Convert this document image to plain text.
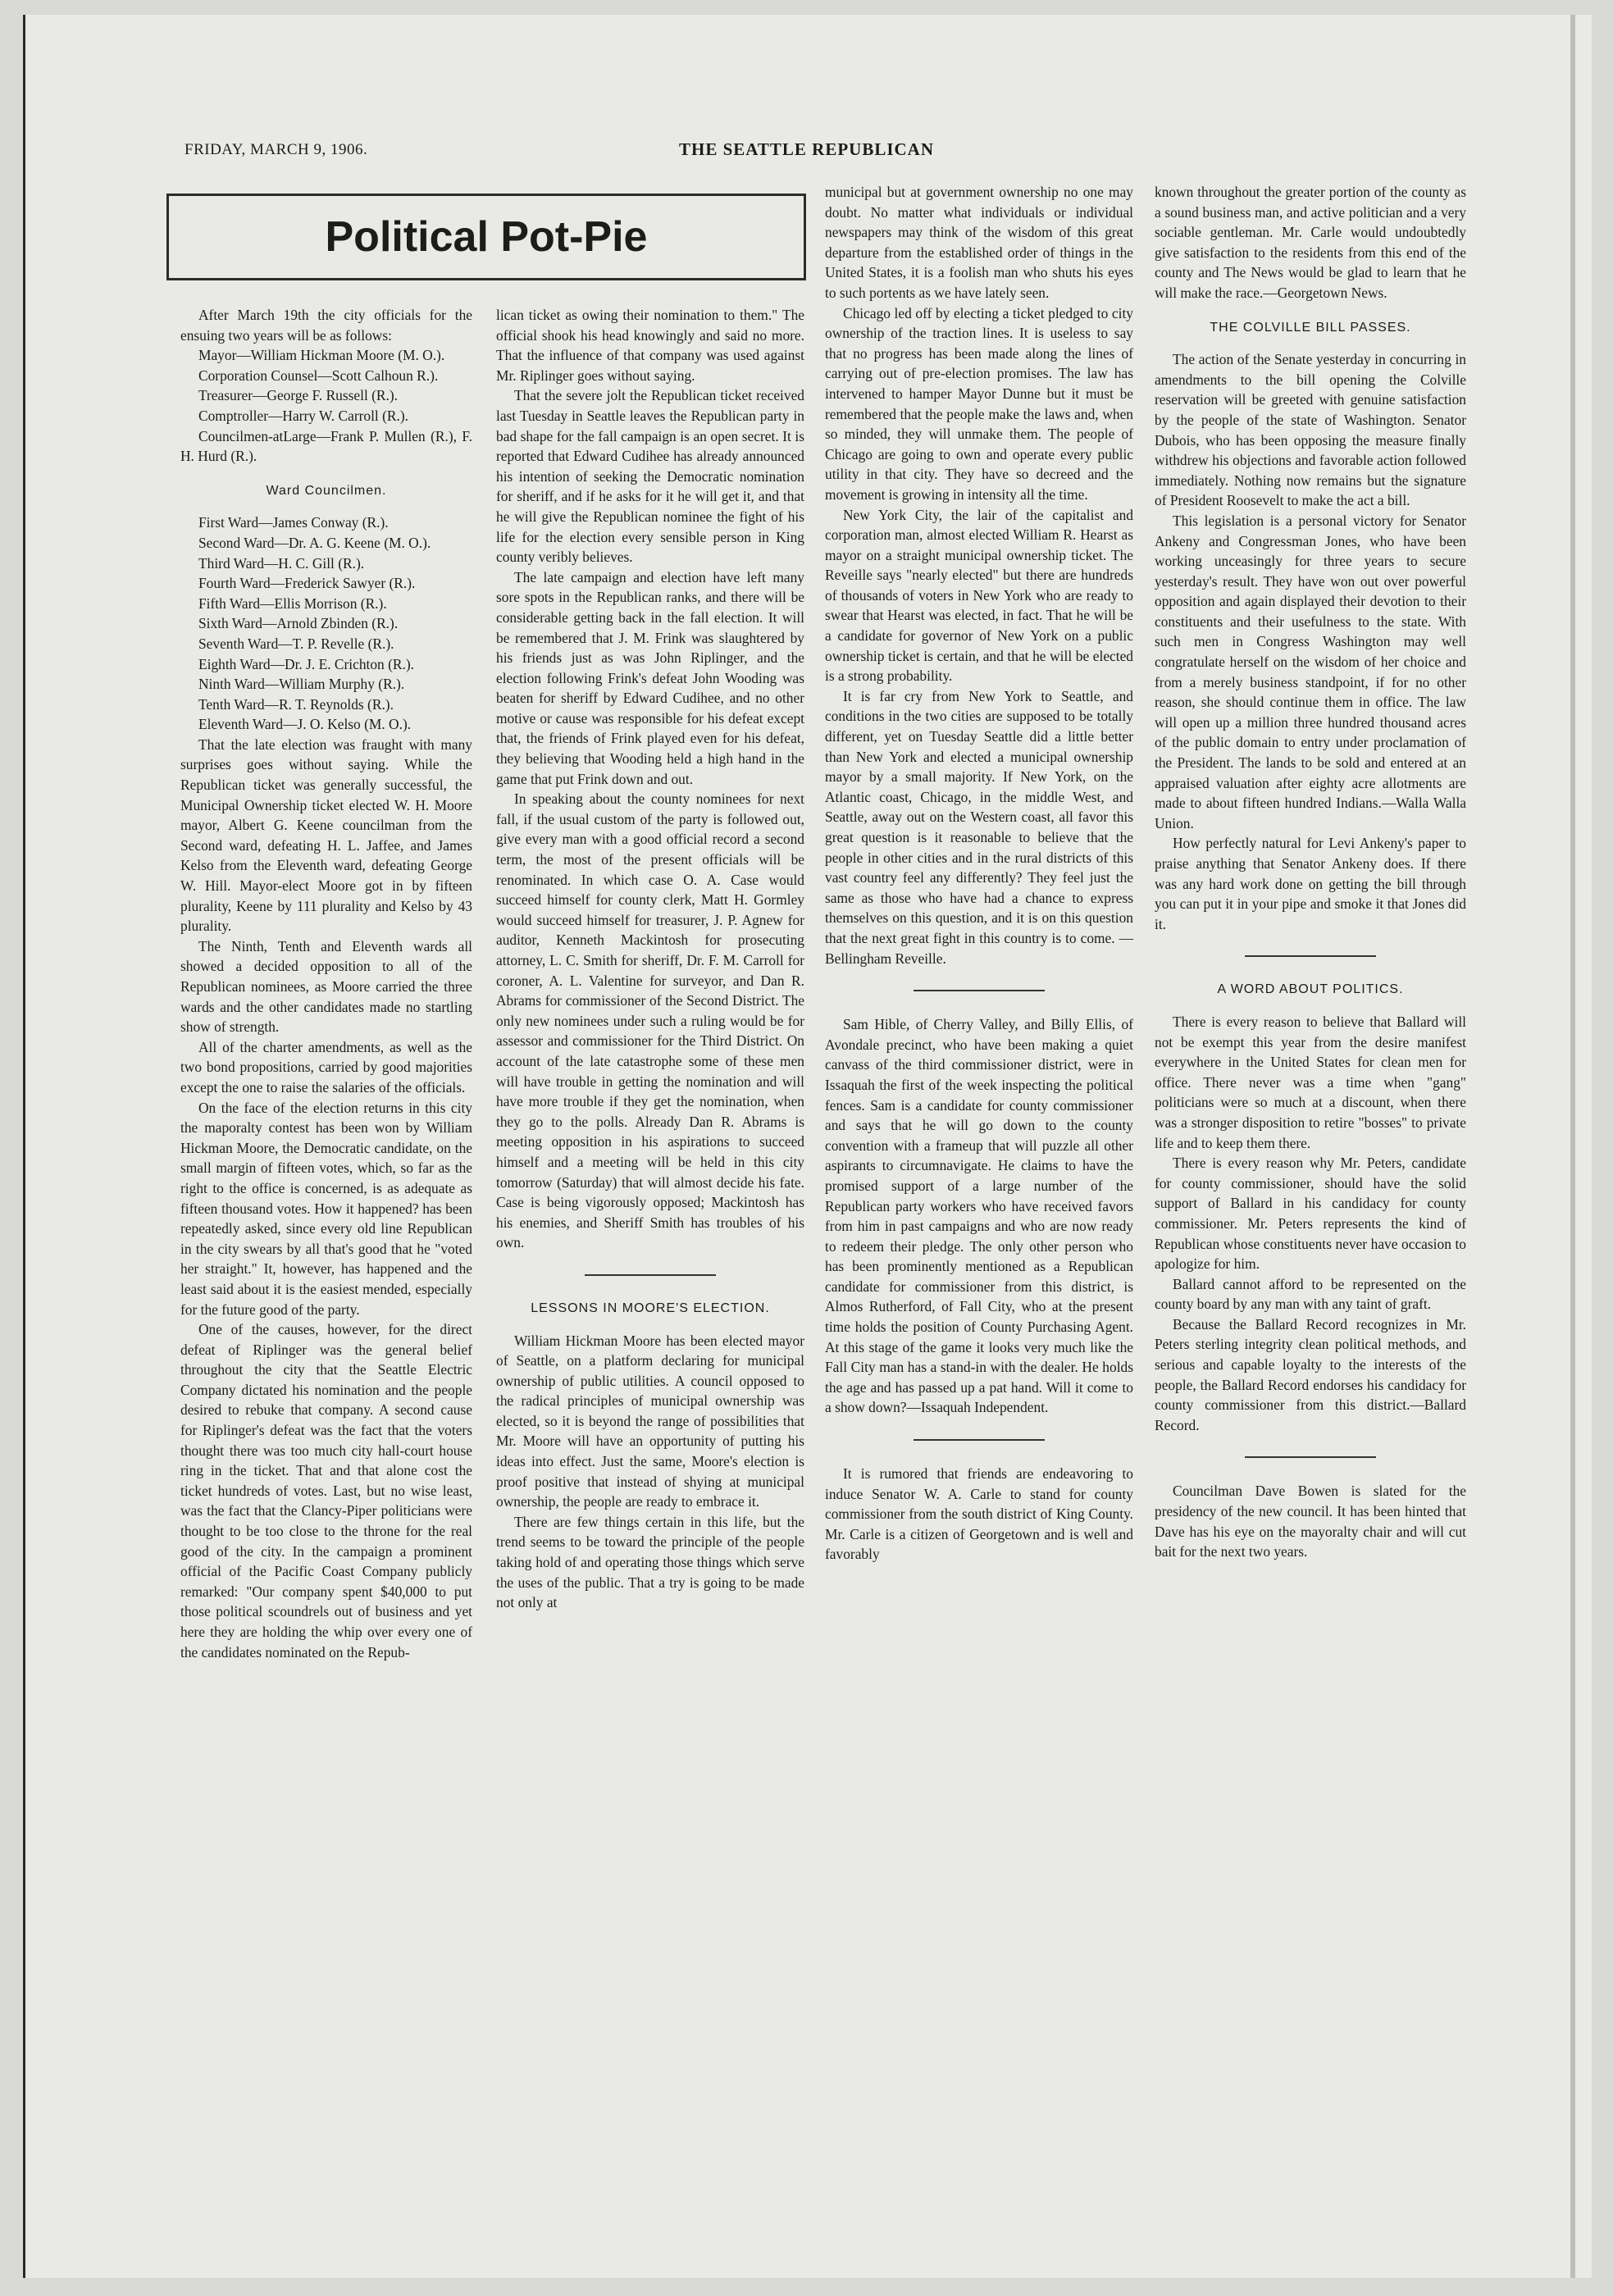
FRIDAY, MARCH 9, 1906.	THE SEATTLE REPUBLICAN
Political Pot-Pie

After March 19th the city officials for the ensuing two years will be as follows:

Mayor—William Hickman Moore (M. O.).

Corporation Counsel—Scott Calhoun R.).

Treasurer—George F. Russell (R.).

Comptroller—Harry W. Carroll (R.).

Councilmen-atLarge—Frank P. Mullen (R.), F. H. Hurd (R.).

Ward Councilmen.

First Ward—James Conway (R.).

Second Ward—Dr. A. G. Keene (M. O.).

Third Ward—H. C. Gill (R.).

Fourth Ward—Frederick Sawyer (R.).

Fifth Ward—Ellis Morrison (R.).

Sixth Ward—Arnold Zbinden (R.).

Seventh Ward—T. P. Revelle (R.).

Eighth Ward—Dr. J. E. Crichton (R.).

Ninth Ward—William Murphy (R.).

Tenth Ward—R. T. Reynolds (R.).

Eleventh Ward—J. O. Kelso (M. O.).

That the late election was fraught with many surprises goes without saying. While the Republican ticket was generally successful, the Municipal Ownership ticket elected W. H. Moore mayor, Albert G. Keene councilman from the Second ward, defeating H. L. Jaffee, and James Kelso from the Eleventh ward, defeating George W. Hill. Mayor-elect Moore got in by fifteen plurality, Keene by 111 plurality and Kelso by 43 plurality.

The Ninth, Tenth and Eleventh wards all showed a decided opposition to all of the Republican nominees, as Moore carried the three wards and the other candidates made no startling show of strength.

All of the charter amendments, as well as the two bond propositions, carried by good majorities except the one to raise the salaries of the officials.

On the face of the election returns in this city the maporalty contest has been won by William Hickman Moore, the Democratic candidate, on the small margin of fifteen votes, which, so far as the right to the office is concerned, is as adequate as fifteen thousand votes. How it happened? has been repeatedly asked, since every old line Republican in the city swears by all that's good that he "voted her straight." It, however, has happened and the least said about it is the easiest mended, especially for the future good of the party.

One of the causes, however, for the direct defeat of Riplinger was the general belief throughout the city that the Seattle Electric Company dictated his nomination and the people desired to rebuke that company. A second cause for Riplinger's defeat was the fact that the voters thought there was too much city hall-court house ring in the ticket. That and that alone cost the ticket hundreds of votes. Last, but no wise least, was the fact that the Clancy-Piper politicians were thought to be too close to the throne for the real good of the city. In the campaign a prominent official of the Pacific Coast Company publicly remarked: "Our company spent $40,000 to put those political scoundrels out of business and yet here they are holding the whip over every one of the candidates nominated on the Repub-

lican ticket as owing their nomination to them." The official shook his head knowingly and said no more. That the influence of that company was used against Mr. Riplinger goes without saying.

That the severe jolt the Republican ticket received last Tuesday in Seattle leaves the Republican party in bad shape for the fall campaign is an open secret. It is reported that Edward Cudihee has already announced his intention of seeking the Democratic nomination for sheriff, and if he asks for it he will get it, and that he will give the Republican nominee the fight of his life for the election every sensible person in King county veribly believes.

The late campaign and election have left many sore spots in the Republican ranks, and there will be considerable getting back in the fall election. It will be remembered that J. M. Frink was slaughtered by his friends just as was John Riplinger, and the election following Frink's defeat John Wooding was beaten for sheriff by Edward Cudihee, and no other motive or cause was responsible for his defeat except that, the friends of Frink played even for his defeat, they believing that Wooding held a high hand in the game that put Frink down and out.

In speaking about the county nominees for next fall, if the usual custom of the party is followed out, give every man with a good official record a second term, the most of the present officials will be renominated. In which case O. A. Case would succeed himself for county clerk, Matt H. Gormley would succeed himself for treasurer, J. P. Agnew for auditor, Kenneth Mackintosh for prosecuting attorney, L. C. Smith for sheriff, Dr. F. M. Carroll for coroner, A. L. Valentine for surveyor, and Dan R. Abrams for commissioner of the Second District. The only new nominees under such a ruling would be for assessor and commissioner for the Third District. On account of the late catastrophe some of these men will have trouble in getting the nomination and will have more trouble if they get the nomination, when they go to the polls. Already Dan R. Abrams is meeting opposition in his aspirations to succeed himself and a meeting will be held in this city tomorrow (Saturday) that will almost decide his fate. Case is being vigorously opposed; Mackintosh has his enemies, and Sheriff Smith has troubles of his own.

LESSONS IN MOORE'S ELECTION.

William Hickman Moore has been elected mayor of Seattle, on a platform declaring for municipal ownership of public utilities. A council opposed to the radical principles of municipal ownership was elected, so it is beyond the range of possibilities that Mr. Moore will have an opportunity of putting his ideas into effect. Just the same, Moore's election is proof positive that instead of shying at municipal ownership, the people are ready to embrace it.

There are few things certain in this life, but the trend seems to be toward the principle of the people taking hold of and operating those things which serve the uses of the public. That a try is going to be made not only at

municipal but at government ownership no one may doubt. No matter what individuals or individual newspapers may think of the wisdom of this great departure from the established order of things in the United States, it is a foolish man who shuts his eyes to such portents as we have lately seen.

Chicago led off by electing a ticket pledged to city ownership of the traction lines. It is useless to say that no progress has been made along the lines of carrying out of pre-election promises. The law has intervened to hamper Mayor Dunne but it must be remembered that the people make the laws and, when so minded, they will unmake them. The people of Chicago are going to own and operate every public utility in that city. They have so decreed and the movement is growing in intensity all the time.

New York City, the lair of the capitalist and corporation man, almost elected William R. Hearst as mayor on a straight municipal ownership ticket. The Reveille says "nearly elected" but there are hundreds of thousands of voters in New York who are ready to swear that Hearst was elected, in fact. That he will be a candidate for governor of New York on a public ownership ticket is certain, and that he will be elected is a strong probability.

It is far cry from New York to Seattle, and conditions in the two cities are supposed to be totally different, yet on Tuesday Seattle did a little better than New York and elected a municipal ownership mayor by a small majority. If New York, on the Atlantic coast, Chicago, in the middle West, and Seattle, away out on the Western coast, all favor this great question is it reasonable to believe that the people in other cities and in the rural districts of this vast country feel any differently? They feel just the same as those who have had a chance to express themselves on this question, and it is on this question that the next great fight in this country is to come. —Bellingham Reveille.

Sam Hible, of Cherry Valley, and Billy Ellis, of Avondale precinct, who have been making a quiet canvass of the third commissioner district, were in Issaquah the first of the week inspecting the political fences. Sam is a candidate for county commissioner and says that he will go down to the county convention with a frameup that will puzzle all other aspirants to circumnavigate. He claims to have the promised support of a large number of the Republican party workers who have received favors from him in past campaigns and who are now ready to redeem their pledge. The only other person who has been prominently mentioned as a Republican candidate for commissioner from this district, is Almos Rutherford, of Fall City, who at the present time holds the position of County Purchasing Agent. At this stage of the game it looks very much like the Fall City man has a stand-in with the dealer. He holds the age and has passed up a pat hand. Will it come to a show down?—Issaquah Independent.

It is rumored that friends are endeavoring to induce Senator W. A. Carle to stand for county commissioner from the south district of King County. Mr. Carle is a citizen of Georgetown and is well and favorably

known throughout the greater portion of the county as a sound business man, and active politician and a very sociable gentleman. Mr. Carle would undoubtedly give satisfaction to the residents from this end of the county and The News would be glad to learn that he will make the race.—Georgetown News.

THE COLVILLE BILL PASSES.

The action of the Senate yesterday in concurring in amendments to the bill opening the Colville reservation will be greeted with genuine satisfaction by the people of the state of Washington. Senator Dubois, who has been opposing the measure finally withdrew his objections and favorable action followed immediately. Nothing now remains but the signature of President Roosevelt to make the act a bill.

This legislation is a personal victory for Senator Ankeny and Congressman Jones, who have been working unceasingly for three years to secure yesterday's result. They have won out over powerful opposition and again displayed their devotion to their constituents and their usefulness to the state. With such men in Congress Washington may well congratulate herself on the wisdom of her choice and from a merely business standpoint, if for no other reason, she should continue them in office. The law will open up a million three hundred thousand acres of the public domain to entry under proclamation of the President. The lands to be sold and entered at an appraised valuation after eighty acre allotments are made to about fifteen hundred Indians.—Walla Walla Union.

How perfectly natural for Levi Ankeny's paper to praise anything that Senator Ankeny does. If there was any hard work done on getting the bill through you can put it in your pipe and smoke it that Jones did it.

A WORD ABOUT POLITICS.

There is every reason to believe that Ballard will not be exempt this year from the desire manifest everywhere in the United States for clean men for office. There never was a time when "gang" politicians were so much at a discount, when there was a stronger disposition to retire "bosses" to private life and to keep them there.

There is every reason why Mr. Peters, candidate for county commissioner, should have the solid support of Ballard in his candidacy for county commissioner. Mr. Peters represents the kind of Republican whose constituents never have occasion to apologize for him.

Ballard cannot afford to be represented on the county board by any man with any taint of graft.

Because the Ballard Record recognizes in Mr. Peters sterling integrity clean political methods, and serious and capable loyalty to the interests of the people, the Ballard Record endorses his candidacy for county commissioner from this district.—Ballard Record.

Councilman Dave Bowen is slated for the presidency of the new council. It has been hinted that Dave has his eye on the mayoralty chair and will cut bait for the next two years.
